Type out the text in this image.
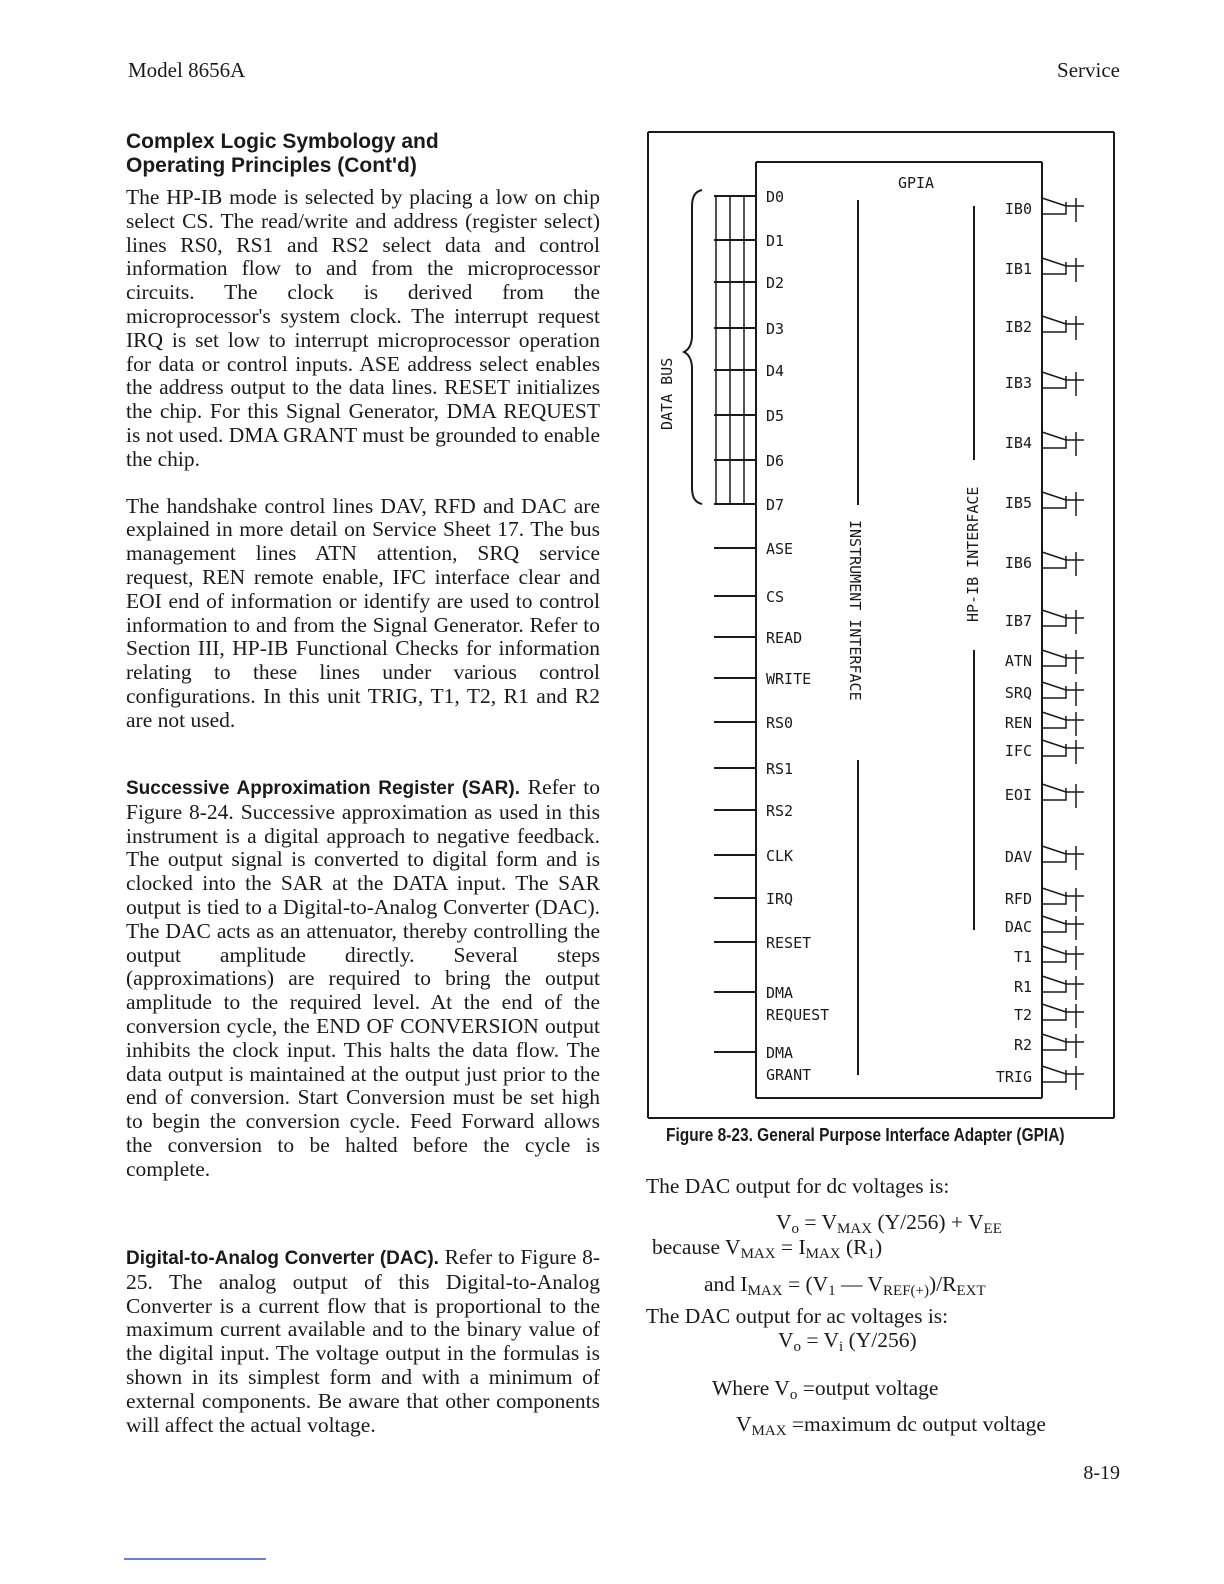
Model 8656A	Service
Complex Logic Symbology and
Operating Principles (Cont'd)

The HP-IB mode is selected by placing a low on chip select CS. The read/write and address (register select) lines RS0, RS1 and RS2 select data and control information flow to and from the microprocessor circuits. The clock is derived from the microprocessor's system clock. The interrupt request IRQ is set low to interrupt microprocessor operation for data or control inputs. ASE address select enables the address output to the data lines. RESET initializes the chip. For this Signal Generator, DMA REQUEST is not used. DMA GRANT must be grounded to enable the chip.

The handshake control lines DAV, RFD and DAC are explained in more detail on Service Sheet 17. The bus management lines ATN attention, SRQ service request, REN remote enable, IFC interface clear and EOI end of information or identify are used to control information to and from the Signal Generator. Refer to Section III, HP-IB Functional Checks for information relating to these lines under various control configurations. In this unit TRIG, T1, T2, R1 and R2 are not used.

Successive Approximation Register (SAR). Refer to Figure 8-24. Successive approximation as used in this instrument is a digital approach to negative feedback. The output signal is converted to digital form and is clocked into the SAR at the DATA input. The SAR output is tied to a Digital-to-Analog Converter (DAC). The DAC acts as an attenuator, thereby controlling the output amplitude directly. Several steps (approximations) are required to bring the output amplitude to the required level. At the end of the conversion cycle, the END OF CONVERSION output inhibits the clock input. This halts the data flow. The data output is maintained at the output just prior to the end of conversion. Start Conversion must be set high to begin the conversion cycle. Feed Forward allows the conversion to be halted before the cycle is complete.

Digital-to-Analog Converter (DAC). Refer to Figure 8-25. The analog output of this Digital-to-Analog Converter is a current flow that is proportional to the maximum current available and to the binary value of the digital input. The voltage output in the formulas is shown in its simplest form and with a minimum of external components. Be aware that other components will affect the actual voltage.

D0
D1
D2
D3
D4
D5
D6
D7
ASE
CS
READ
WRITE
RS0
RS1
RS2
CLK
IRQ
RESET
DMA
REQUEST
DMA
GRANT
IB0
IB1
IB2
IB3
IB4
IB5
IB6
IB7
ATN
SRQ
REN
IFC
EOI
DAV
RFD
DAC
T1
R1
T2
R2
TRIG
GPIA
DATA BUS
INSTRUMENT INTERFACE	HP-IB INTERFACE
Figure 8-23. General Purpose Interface Adapter (GPIA)
The DAC output for dc voltages is:
$V_o = V_{MAX}$ $(Y/256) + V_{EE}$
because $V_{MAX} = I_{MAX}$ $(R_1)$
and $I_{MAX} = (V_1$ — $V_{REF(+)})/R_{EXT}$
The DAC output for ac voltages is:
$V_o = V_i$ (Y/256)
Where $V_o$ =output voltage
$V_{MAX}$ =maximum dc output voltage
8-19
